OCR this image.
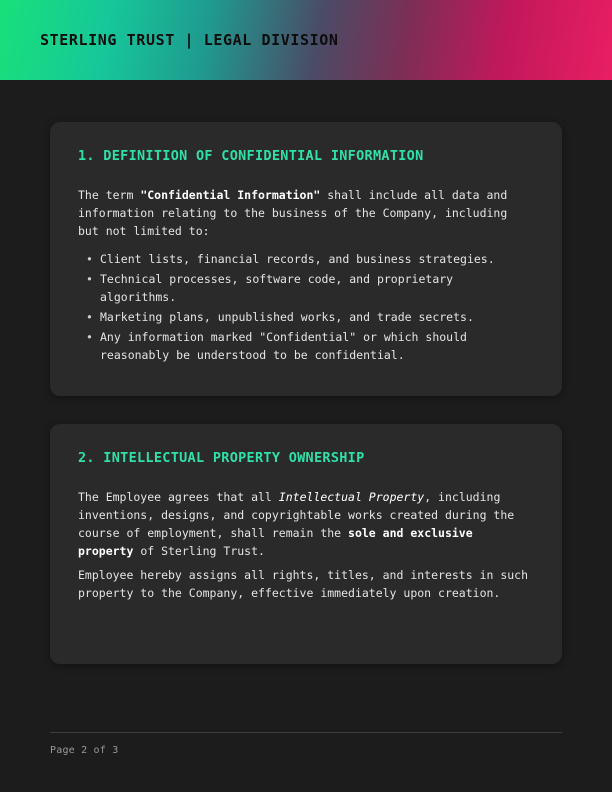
STERLING TRUST | LEGAL DIVISION
1. DEFINITION OF CONFIDENTIAL INFORMATION

The term "Confidential Information" shall include all data and information relating to the business of the Company, including but not limited to:

• Client lists, financial records, and business strategies.
• Technical processes, software code, and proprietary algorithms.
• Marketing plans, unpublished works, and trade secrets.
• Any information marked "Confidential" or which should reasonably be understood to be confidential.
2. INTELLECTUAL PROPERTY OWNERSHIP

The Employee agrees that all Intellectual Property, including inventions, designs, and copyrightable works created during the course of employment, shall remain the sole and exclusive property of Sterling Trust.

Employee hereby assigns all rights, titles, and interests in such property to the Company, effective immediately upon creation.

Page 2 of 3
